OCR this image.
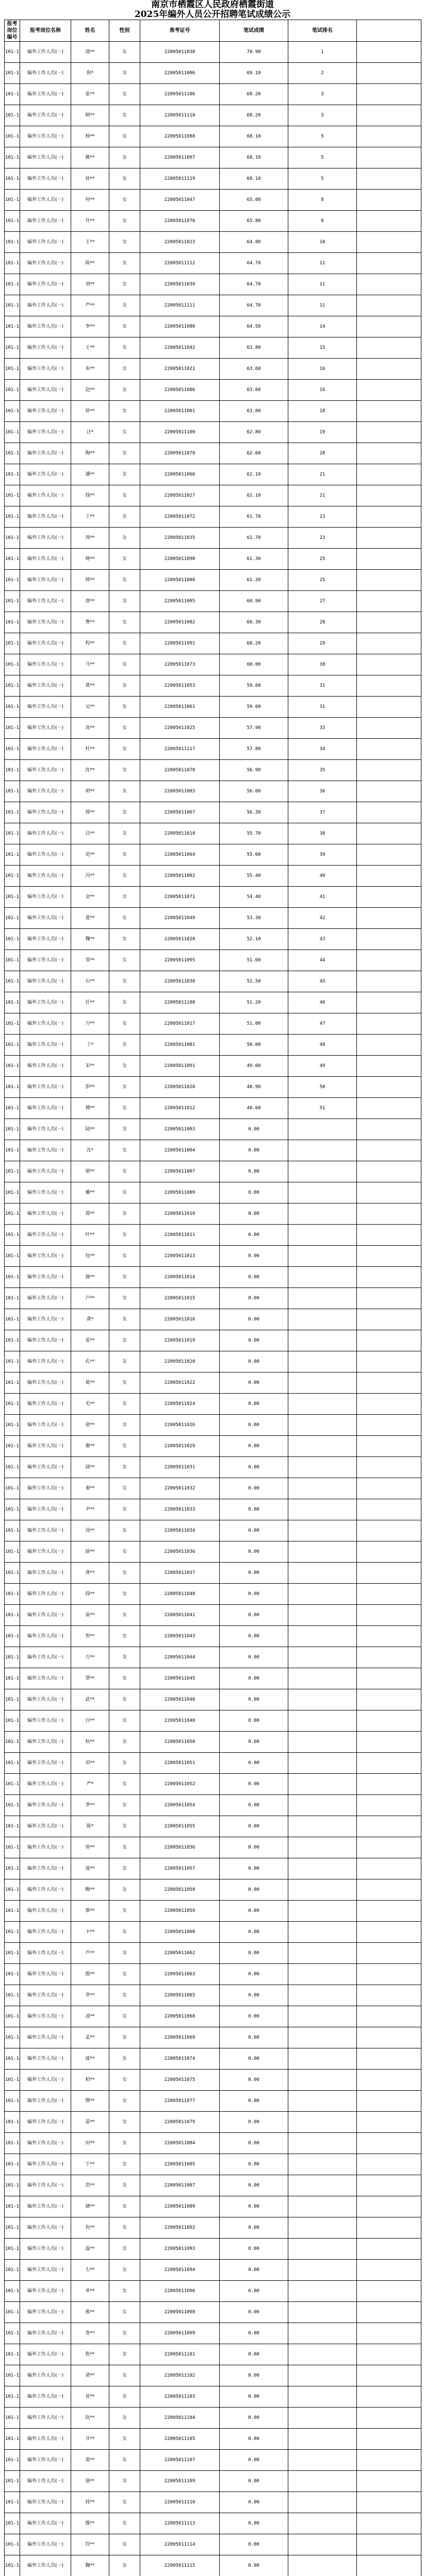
南京市栖霞区人民政府栖霞街道
2025年编外人员公开招聘笔试成绩公示
报考岗位编号	报考岗位名称	姓名	性别	准考证号	笔试成绩	笔试排名	
101-1	编外工作人员(一)	邵**	女	22005011038	70.90	1	
101-1	编外工作人员(一)	倪*	女	22005011006	69.10	2	
101-1	编外工作人员(一)	张**	女	22005011106	68.20	3	
101-1	编外工作人员(一)	顾**	女	22005011118	68.20	3	
101-1	编外工作人员(一)	杨**	女	22005011088	68.10	5	
101-1	编外工作人员(一)	姚**	女	22005011097	68.10	5	
101-1	编外工作人员(一)	孙**	女	22005011119	68.10	5	
101-1	编外工作人员(一)	何**	女	22005011047	65.80	8	
101-1	编外工作人员(一)	许**	女	22005011076	65.80	8	
101-1	编外工作人员(一)	王**	女	22005011023	64.80	10	
101-1	编外工作人员(一)	陈**	女	22005011112	64.70	11	
101-1	编外工作人员(一)	刘**	女	22005011039	64.70	11	
101-1	编外工作人员(一)	严**	女	22005011111	64.70	11	
101-1	编外工作人员(一)	李**	女	22005011080	64.50	14	
101-1	编外工作人员(一)	王**	女	22005011042	63.80	15	
101-1	编外工作人员(一)	朱**	女	22005011021	63.60	16	
101-1	编外工作人员(一)	赵**	女	22005011086	63.60	16	
101-1	编外工作人员(一)	徐**	女	22005011001	63.00	18	
101-1	编外工作人员(一)	汪*	女	22005011100	62.80	19	
101-1	编外工作人员(一)	陶**	女	22005011078	62.60	20	
101-1	编外工作人员(一)	潘**	女	22005011066	62.10	21	
101-1	编外工作人员(一)	钱**	女	22005011027	62.10	21	
101-1	编外工作人员(一)	丁**	女	22005011072	61.70	23	
101-1	编外工作人员(一)	周**	女	22005011035	61.70	23	
101-1	编外工作人员(一)	蒋**	女	22005011090	61.30	25	
101-1	编外工作人员(一)	韩**	女	22005011008	61.30	25	
101-1	编外工作人员(一)	唐**	女	22005011005	60.90	27	
101-1	编外工作人员(一)	曹**	女	22005011082	60.30	28	
101-1	编外工作人员(一)	程**	女	22005011091	60.20	29	
101-1	编外工作人员(一)	马**	女	22005011073	60.00	30	
101-1	编外工作人员(一)	黄**	女	22005011053	59.60	31	
101-1	编外工作人员(一)	吴**	女	22005011061	59.60	31	
101-1	编外工作人员(一)	高**	女	22005011025	57.90	33	
101-1	编外工作人员(一)	杜**	女	22005011117	57.80	34	
101-1	编外工作人员(一)	沈**	女	22005011070	56.90	35	
101-1	编外工作人员(一)	胡**	女	22005011083	56.60	36	
101-1	编外工作人员(一)	郭**	女	22005011067	56.30	37	
101-1	编外工作人员(一)	吕**	女	22005011018	55.70	38	
101-1	编外工作人员(一)	范**	女	22005011064	55.60	39	
101-1	编外工作人员(一)	冯**	女	22005011002	55.40	40	
101-1	编外工作人员(一)	金**	女	22005011071	54.40	41	
101-1	编外工作人员(一)	夏**	女	22005011049	53.30	42	
101-1	编外工作人员(一)	魏**	女	22005011028	52.10	43	
101-1	编外工作人员(一)	邹**	女	22005011095	51.60	44	
101-1	编外工作人员(一)	石**	女	22005011030	51.50	45	
101-1	编外工作人员(一)	任**	女	22005011108	51.20	46	
101-1	编外工作人员(一)	方**	女	22005011017	51.00	47	
101-1	编外工作人员(一)	丁*	女	22005011081	50.00	48	
101-1	编外工作人员(一)	宋**	女	22005011091	49.60	49	
101-1	编外工作人员(一)	彭**	女	22005011028	48.90	50	
101-1	编外工作人员(一)	傅**	女	22005011012	48.60	51	
101-1	编外工作人员(一)	陆**	女	22005011003	0.00		
101-1	编外工作人员(一)	沈*	女	22005011004	0.00		
101-1	编外工作人员(一)	梁**	女	22005011007	0.00		
101-1	编外工作人员(一)	戴**	女	22005011009	0.00		
101-1	编外工作人员(一)	郑**	女	22005011010	0.00		
101-1	编外工作人员(一)	叶**	女	22005011011	0.00		
101-1	编外工作人员(一)	包**	女	22005011013	0.00		
101-1	编外工作人员(一)	施**	女	22005011014	0.00		
101-1	编外工作人员(一)	卢**	女	22005011015	0.00		
101-1	编外工作人员(一)	黄*	女	22005011016	0.00		
101-1	编外工作人员(一)	姜**	女	22005011019	0.00		
101-1	编外工作人员(一)	孔**	女	22005011020	0.00		
101-1	编外工作人员(一)	葛**	女	22005011022	0.00		
101-1	编外工作人员(一)	毛**	女	22005011024	0.00		
101-1	编外工作人员(一)	俞**	女	22005011026	0.00		
101-1	编外工作人员(一)	谢**	女	22005011029	0.00		
101-1	编外工作人员(一)	邱**	女	22005011031	0.00		
101-1	编外工作人员(一)	秦**	女	22005011032	0.00		
101-1	编外工作人员(一)	尹**	女	22005011033	0.00		
101-1	编外工作人员(一)	汤**	女	22005011034	0.00		
101-1	编外工作人员(一)	薛**	女	22005011036	0.00		
101-1	编外工作人员(一)	龚**	女	22005011037	0.00		
101-1	编外工作人员(一)	段**	女	22005011040	0.00		
101-1	编外工作人员(一)	雷**	女	22005011041	0.00		
101-1	编外工作人员(一)	贺**	女	22005011043	0.00		
101-1	编外工作人员(一)	万**	女	22005011044	0.00		
101-1	编外工作人员(一)	覃**	女	22005011045	0.00		
101-1	编外工作人员(一)	武**	女	22005011046	0.00		
101-1	编外工作人员(一)	白**	女	22005011048	0.00		
101-1	编外工作人员(一)	杭**	女	22005011050	0.00		
101-1	编外工作人员(一)	祁**	女	22005011051	0.00		
101-1	编外工作人员(一)	严*	女	22005011052	0.00		
101-1	编外工作人员(一)	季**	女	22005011054	0.00		
101-1	编外工作人员(一)	陈*	女	22005011055	0.00		
101-1	编外工作人员(一)	管**	女	22005011056	0.00		
101-1	编外工作人员(一)	庞**	女	22005011057	0.00		
101-1	编外工作人员(一)	鲍**	女	22005011058	0.00		
101-1	编外工作人员(一)	蔡**	女	22005011059	0.00		
101-1	编外工作人员(一)	卞**	女	22005011060	0.00		
101-1	编外工作人员(一)	芦**	女	22005011062	0.00		
101-1	编外工作人员(一)	殷**	女	22005011063	0.00		
101-1	编外工作人员(一)	章**	女	22005011065	0.00		
101-1	编外工作人员(一)	凌**	女	22005011068	0.00		
101-1	编外工作人员(一)	孟**	女	22005011069	0.00		
101-1	编外工作人员(一)	戚**	女	22005011074	0.00		
101-1	编外工作人员(一)	柏**	女	22005011075	0.00		
101-1	编外工作人员(一)	缪**	女	22005011077	0.00		
101-1	编外工作人员(一)	晏**	女	22005011079	0.00		
101-1	编外工作人员(一)	田**	女	22005011084	0.00		
101-1	编外工作人员(一)	于**	女	22005011085	0.00		
101-1	编外工作人员(一)	洪**	女	22005011087	0.00		
101-1	编外工作人员(一)	储**	女	22005011089	0.00		
101-1	编外工作人员(一)	仇**	女	22005011092	0.00		
101-1	编外工作人员(一)	温**	女	22005011093	0.00		
101-1	编外工作人员(一)	左**	女	22005011094	0.00		
101-1	编外工作人员(一)	单**	女	22005011096	0.00		
101-1	编外工作人员(一)	熊**	女	22005011098	0.00		
101-1	编外工作人员(一)	查**	女	22005011099	0.00		
101-1	编外工作人员(一)	焦**	女	22005011101	0.00		
101-1	编外工作人员(一)	诸**	女	22005011102	0.00		
101-1	编外工作人员(一)	苗**	女	22005011103	0.00		
101-1	编外工作人员(一)	阮**	女	22005011104	0.00		
101-1	编外工作人员(一)	甘**	女	22005011105	0.00		
101-1	编外工作人员(一)	裴**	女	22005011107	0.00		
101-1	编外工作人员(一)	骆**	女	22005011109	0.00		
101-1	编外工作人员(一)	桂**	女	22005011110	0.00		
101-1	编外工作人员(一)	滕**	女	22005011113	0.00		
101-1	编外工作人员(一)	符**	女	22005011114	0.00		
101-1	编外工作人员(一)	鞠**	女	22005011115	0.00		
